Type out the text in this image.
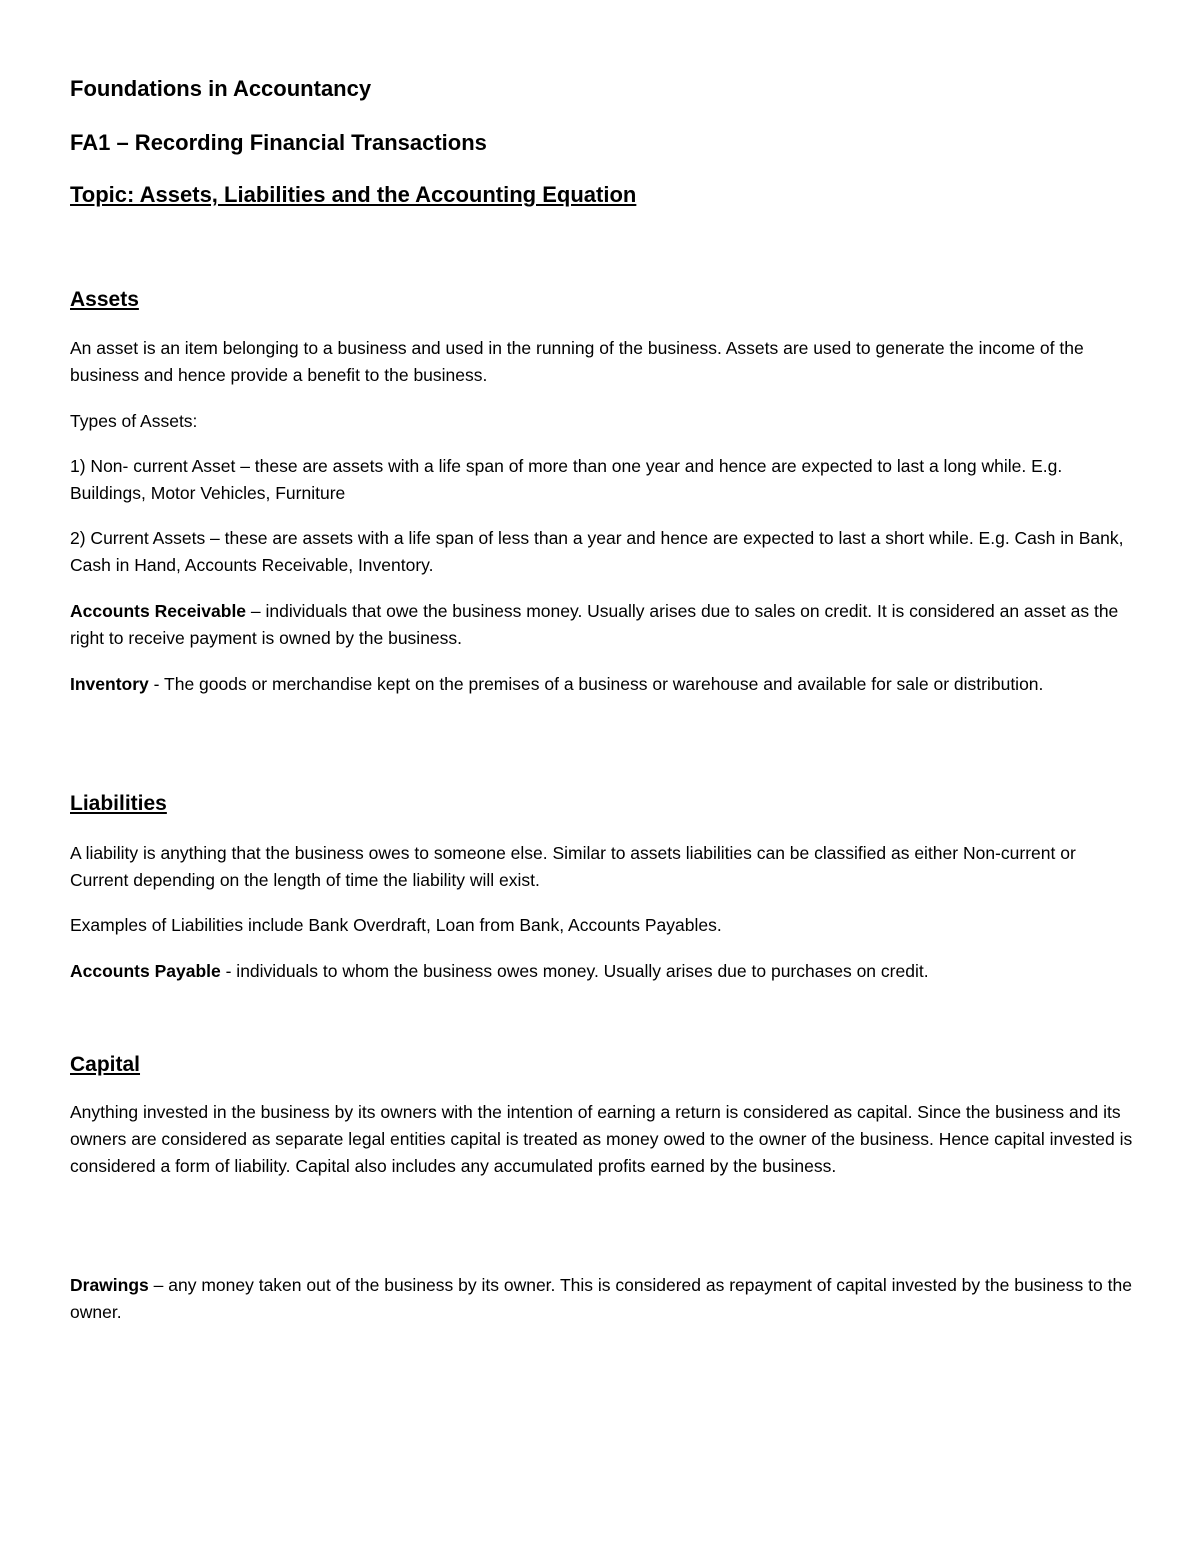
Foundations in Accountancy
FA1 – Recording Financial Transactions
Topic: Assets, Liabilities and the Accounting Equation
Assets

An asset is an item belonging to a business and used in the running of the business. Assets are used to generate the income of the business and hence provide a benefit to the business.

Types of Assets:

1) Non- current Asset – these are assets with a life span of more than one year and hence are expected to last a long while. E.g. Buildings, Motor Vehicles, Furniture

2) Current Assets – these are assets with a life span of less than a year and hence are expected to last a short while. E.g. Cash in Bank, Cash in Hand, Accounts Receivable, Inventory.

Accounts Receivable – individuals that owe the business money. Usually arises due to sales on credit. It is considered an asset as the right to receive payment is owned by the business.

Inventory - The goods or merchandise kept on the premises of a business or warehouse and available for sale or distribution.

Liabilities

A liability is anything that the business owes to someone else. Similar to assets liabilities can be classified as either Non-current or Current depending on the length of time the liability will exist.

Examples of Liabilities include Bank Overdraft, Loan from Bank, Accounts Payables.

Accounts Payable - individuals to whom the business owes money. Usually arises due to purchases on credit.

Capital

Anything invested in the business by its owners with the intention of earning a return is considered as capital. Since the business and its owners are considered as separate legal entities capital is treated as money owed to the owner of the business. Hence capital invested is considered a form of liability. Capital also includes any accumulated profits earned by the business.

Drawings – any money taken out of the business by its owner. This is considered as repayment of capital invested by the business to the owner.
